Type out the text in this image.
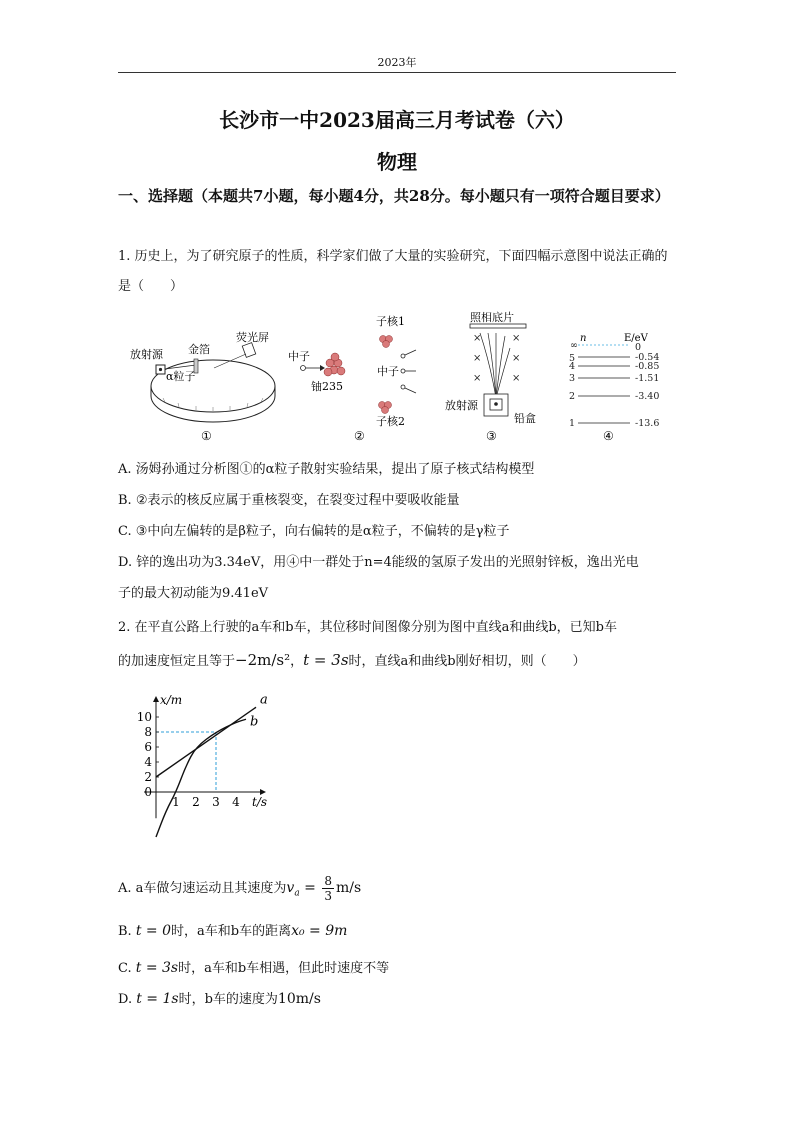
2023年
长沙市一中2023届高三月考试卷（六）
物理
一、选择题（本题共7小题，每小题4分，共28分。每小题只有一项符合题目要求）
1. 历史上，为了研究原子的性质，科学家们做了大量的实验研究，下面四幅示意图中说法正确的是（　　）
放射源
α粒子
金箔
荧光屏
①
中子
铀235
子核1
子核2
中子
②
照相底片
×	×
×	×
×	×
放射源
铅盒
③
n	E/eV
∞
5
4
3
2
1
0
-0.54
-0.85
-1.51
-3.40
-13.6
④
A. 汤姆孙通过分析图①的α粒子散射实验结果，提出了原子核式结构模型
B. ②表示的核反应属于重核裂变，在裂变过程中要吸收能量
C. ③中向左偏转的是β粒子，向右偏转的是α粒子，不偏转的是γ粒子
D. 锌的逸出功为3.34eV，用④中一群处于n=4能级的氢原子发出的光照射锌板，逸出光电
子的最大初动能为9.41eV
2. 在平直公路上行驶的a车和b车，其位移时间图像分别为图中直线a和曲线b，已知b车
的加速度恒定且等于−2m/s²，t = 3s时，直线a和曲线b刚好相切，则（　　）
x/m
t/s
a
b
0
2
4
6
8
10
1 2 3 4
A. a车做匀速运动且其速度为$v_a = \frac{8}{3} m/s$
B. t = 0时，a车和b车的距离x₀ = 9m
C. t = 3s时，a车和b车相遇，但此时速度不等
D. t = 1s时，b车的速度为10m/s
